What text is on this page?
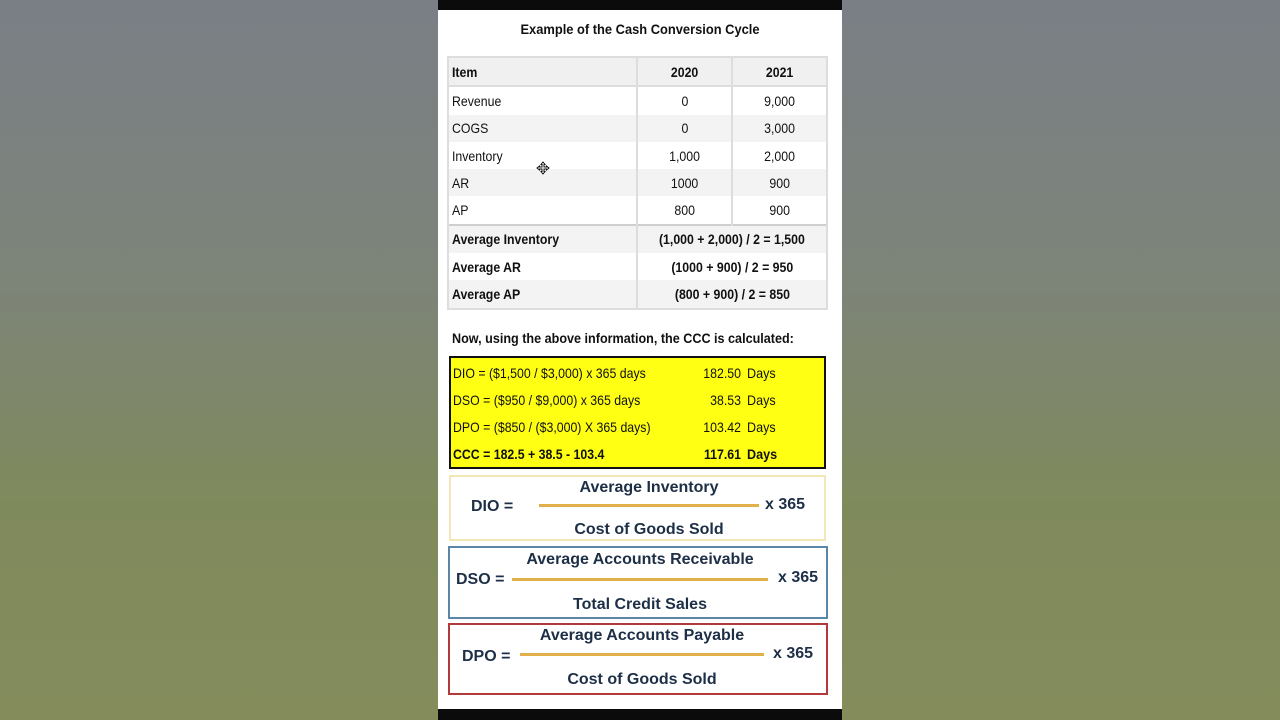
Example of the Cash Conversion Cycle
Item	2020	2021
Revenue	0	9,000
COGS	0	3,000
Inventory	1,000	2,000
AR	1000	900
AP	800	900
Average Inventory	(1,000 + 2,000) / 2 = 1,500	
Average AR	(1000 + 900) / 2 = 950	
Average AP	(800 + 900) / 2 = 850	
Now, using the above information, the CCC is calculated:
DIO = ($1,500 / $3,000) x 365 days	182.50 Days
DSO = ($950 / $9,000) x 365 days	38.53 Days
DPO = ($850 / ($3,000) X 365 days)	103.42 Days
CCC = 182.5 + 38.5 - 103.4	117.61 Days
DIO =
Average Inventory
Cost of Goods Sold
x 365
DSO =
Average Accounts Receivable
Total Credit Sales
x 365
DPO =
Average Accounts Payable
Cost of Goods Sold
x 365
